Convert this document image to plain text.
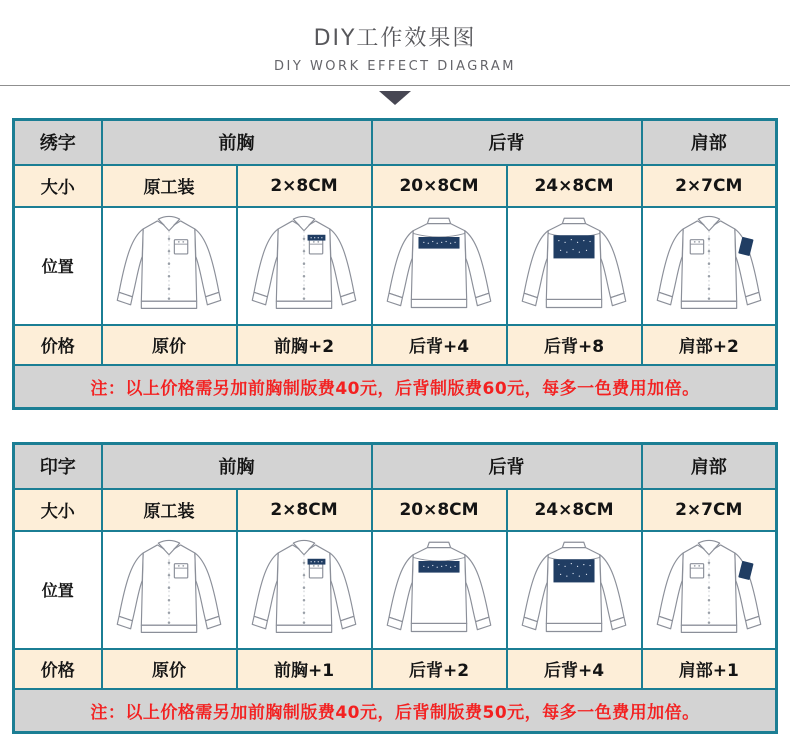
DIY工作效果图
DIY WORK EFFECT DIAGRAM
绣字	前胸		后背		肩部
大小	原工装	2×8CM	20×8CM	24×8CM	2×7CM
位置	

价格	原价	前胸+2	后背+4	后背+8	肩部+2
注：以上价格需另加前胸制版费40元，后背制版费60元，每多一色费用加倍。					
印字	前胸		后背		肩部
大小	原工装	2×8CM	20×8CM	24×8CM	2×7CM
位置	

价格	原价	前胸+1	后背+2	后背+4	肩部+1
注：以上价格需另加前胸制版费40元，后背制版费50元，每多一色费用加倍。					
